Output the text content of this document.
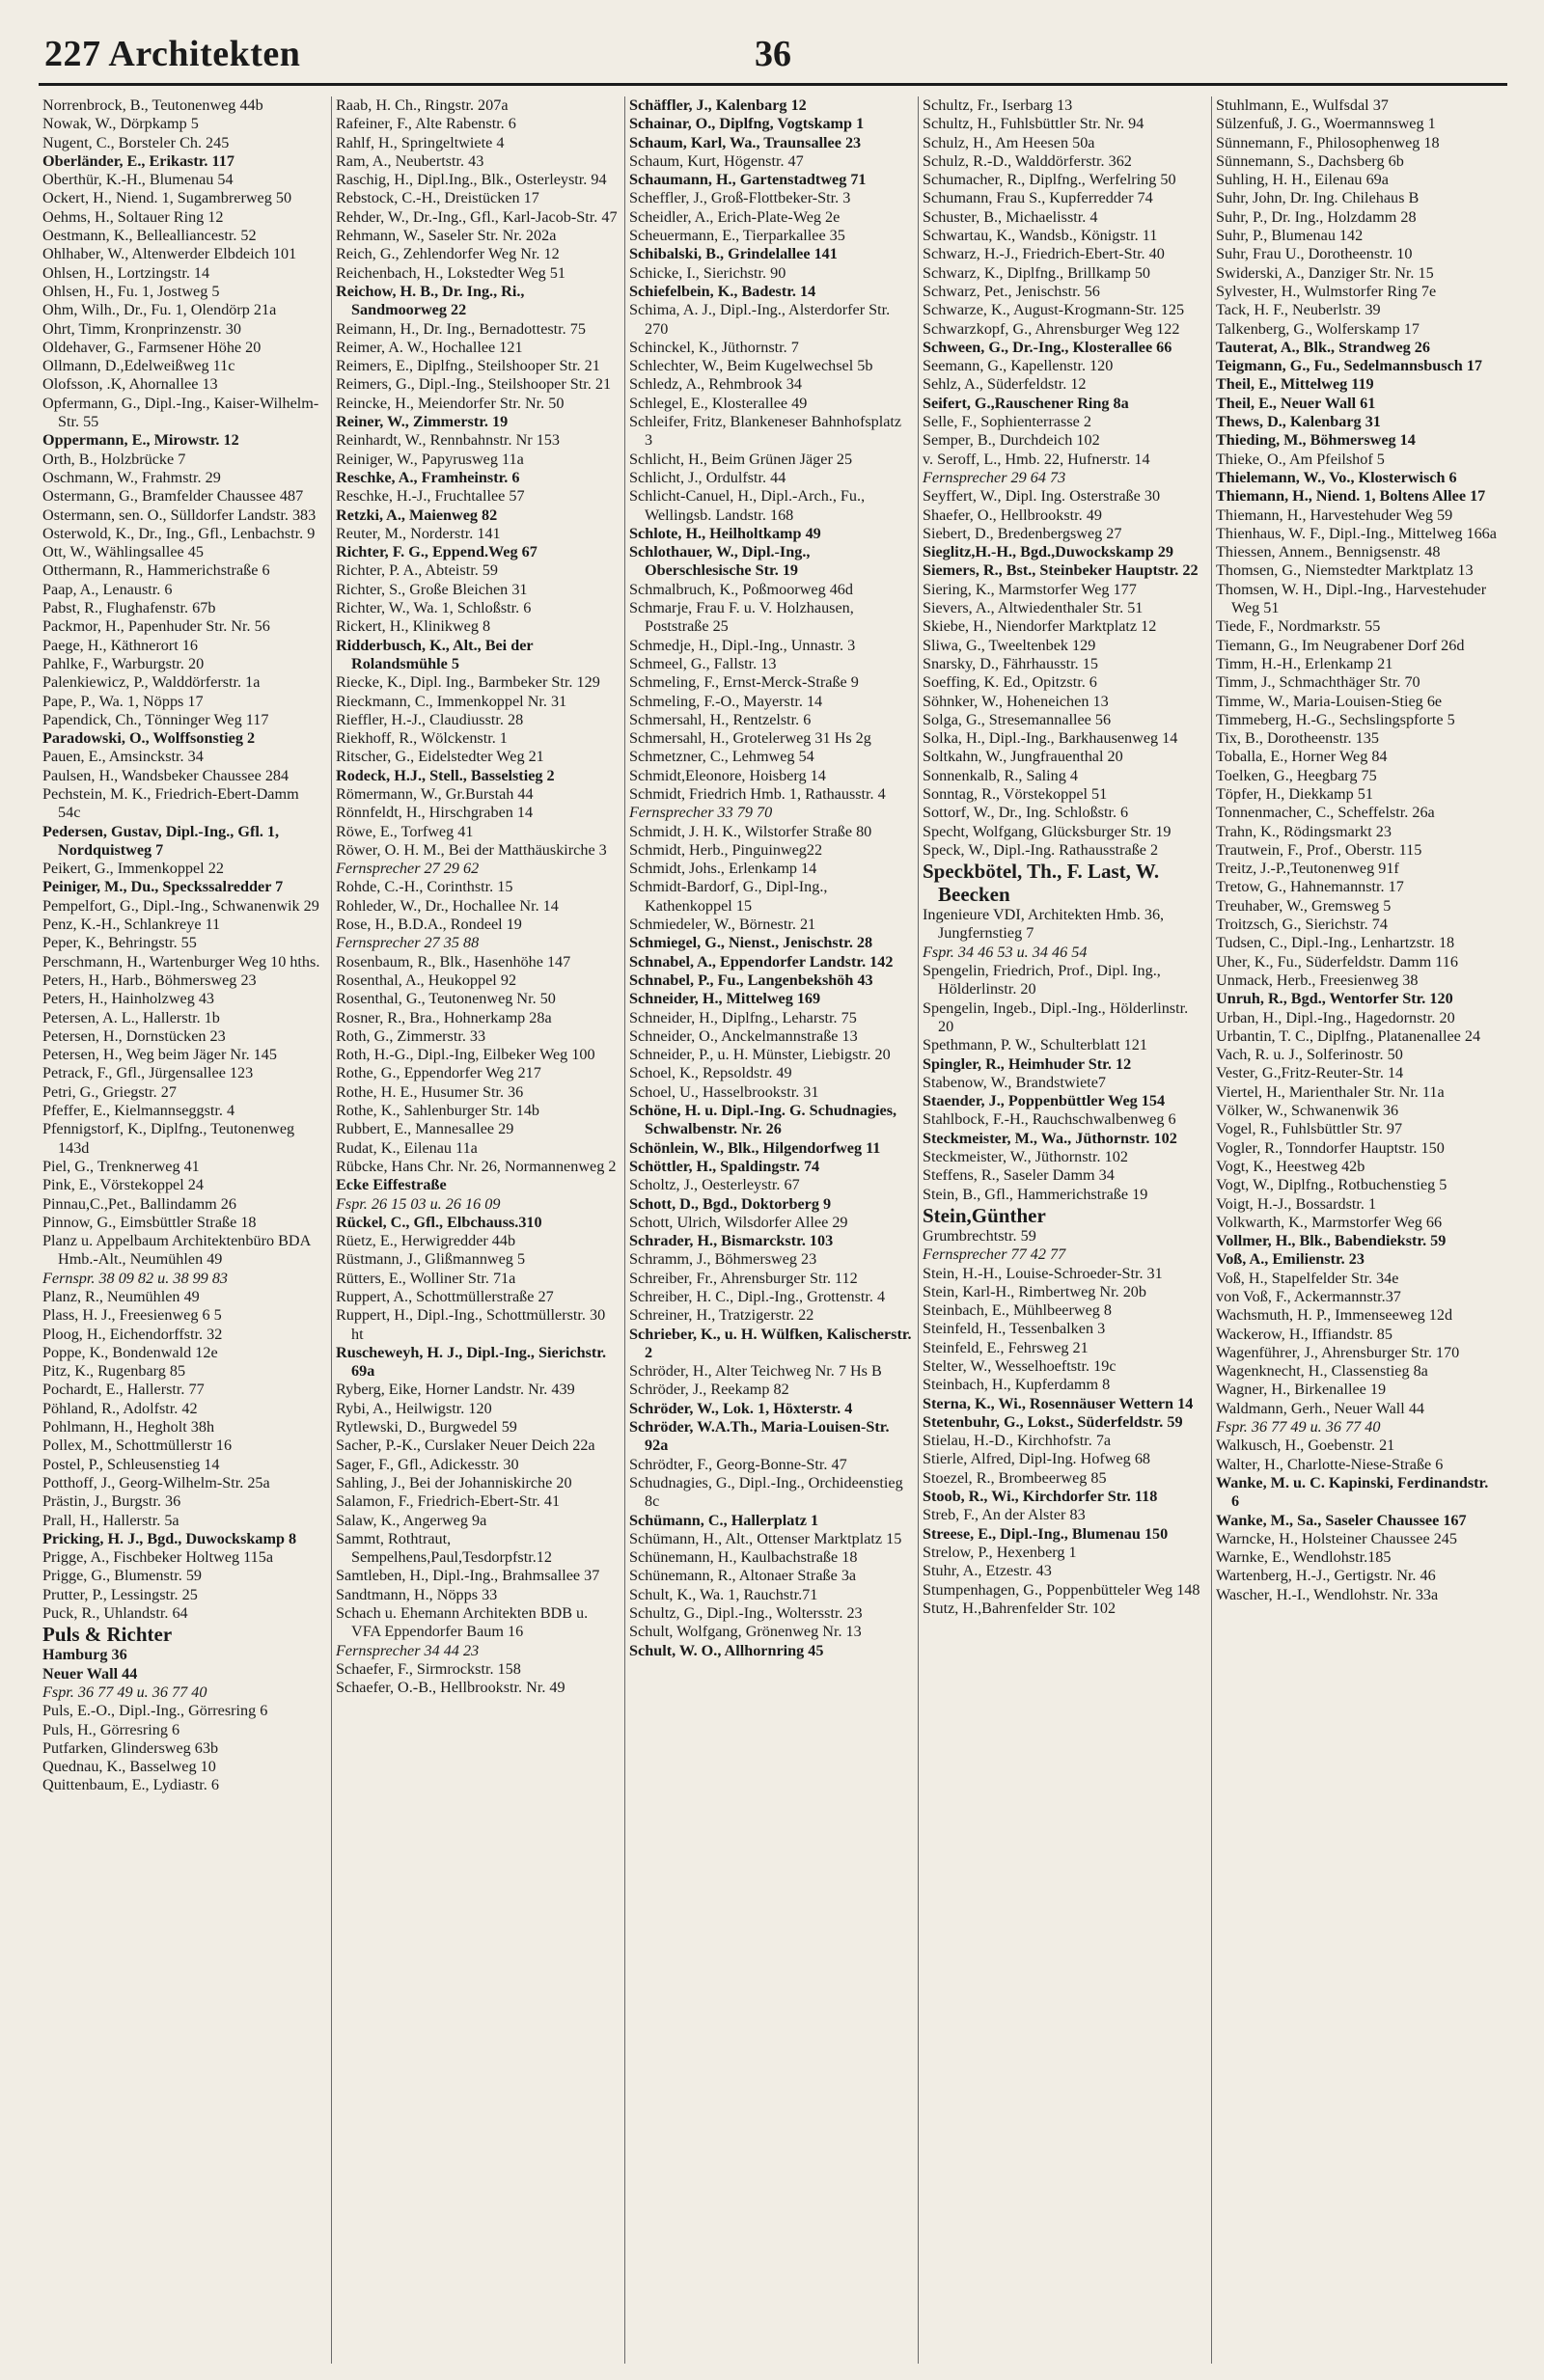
227 Architekten	36

Norrenbrock, B., Teutonenweg 44b

Nowak, W., Dörpkamp 5

Nugent, C., Borsteler Ch. 245

Oberländer, E., Erikastr. 117

Oberthür, K.-H., Blumenau 54

Ockert, H., Niend. 1, Sugambrerweg 50

Oehms, H., Soltauer Ring 12

Oestmann, K., Bellealliancestr. 52

Ohlhaber, W., Altenwerder Elbdeich 101

Ohlsen, H., Lortzingstr. 14

Ohlsen, H., Fu. 1, Jostweg 5

Ohm, Wilh., Dr., Fu. 1, Olendörp 21a

Ohrt, Timm, Kronprinzenstr. 30

Oldehaver, G., Farmsener Höhe 20

Ollmann, D.,Edelweißweg 11c

Olofsson, .K, Ahornallee 13

Opfermann, G., Dipl.-Ing., Kaiser-Wilhelm-Str. 55

Oppermann, E., Mirowstr. 12

Orth, B., Holzbrücke 7

Oschmann, W., Frahmstr. 29

Ostermann, G., Bramfelder Chaussee 487

Ostermann, sen. O., Sülldorfer Landstr. 383

Osterwold, K., Dr., Ing., Gfl., Lenbachstr. 9

Ott, W., Wählingsallee 45

Otthermann, R., Hammerichstraße 6

Paap, A., Lenaustr. 6

Pabst, R., Flughafenstr. 67b

Packmor, H., Papenhuder Str. Nr. 56

Paege, H., Käthnerort 16

Pahlke, F., Warburgstr. 20

Palenkiewicz, P., Walddörferstr. 1a

Pape, P., Wa. 1, Nöpps 17

Papendick, Ch., Tönninger Weg 117

Paradowski, O., Wolffsonstieg 2

Pauen, E., Amsinckstr. 34

Paulsen, H., Wandsbeker Chaussee 284

Pechstein, M. K., Friedrich-Ebert-Damm 54c

Pedersen, Gustav, Dipl.-Ing., Gfl. 1, Nordquistweg 7

Peikert, G., Immenkoppel 22

Peiniger, M., Du., Speckssalredder 7

Pempelfort, G., Dipl.-Ing., Schwanenwik 29

Penz, K.-H., Schlankreye 11

Peper, K., Behringstr. 55

Perschmann, H., Wartenburger Weg 10 hths.

Peters, H., Harb., Böhmersweg 23

Peters, H., Hainholzweg 43

Petersen, A. L., Hallerstr. 1b

Petersen, H., Dornstücken 23

Petersen, H., Weg beim Jäger Nr. 145

Petrack, F., Gfl., Jürgensallee 123

Petri, G., Griegstr. 27

Pfeffer, E., Kielmannseggstr. 4

Pfennigstorf, K., Diplfng., Teutonenweg 143d

Piel, G., Trenknerweg 41

Pink, E., Vörstekoppel 24

Pinnau,C.,Pet., Ballindamm 26

Pinnow, G., Eimsbüttler Straße 18

Planz u. Appelbaum Architektenbüro BDA Hmb.-Alt., Neumühlen 49

Fernspr. 38 09 82 u. 38 99 83

Planz, R., Neumühlen 49

Plass, H. J., Freesienweg 6 5

Ploog, H., Eichendorffstr. 32

Poppe, K., Bondenwald 12e

Pitz, K., Rugenbarg 85

Pochardt, E., Hallerstr. 77

Pöhland, R., Adolfstr. 42

Pohlmann, H., Hegholt 38h

Pollex, M., Schottmüllerstr 16

Postel, P., Schleusenstieg 14

Potthoff, J., Georg-Wilhelm-Str. 25a

Prästin, J., Burgstr. 36

Prall, H., Hallerstr. 5a

Pricking, H. J., Bgd., Duwockskamp 8

Prigge, A., Fischbeker Holtweg 115a

Prigge, G., Blumenstr. 59

Prutter, P., Lessingstr. 25

Puck, R., Uhlandstr. 64

Puls & Richter

Hamburg 36

Neuer Wall 44

Fspr. 36 77 49 u. 36 77 40

Puls, E.-O., Dipl.-Ing., Görresring 6

Puls, H., Görresring 6

Putfarken, Glindersweg 63b

Quednau, K., Basselweg 10

Quittenbaum, E., Lydiastr. 6

Raab, H. Ch., Ringstr. 207a

Rafeiner, F., Alte Rabenstr. 6

Rahlf, H., Springeltwiete 4

Ram, A., Neubertstr. 43

Raschig, H., Dipl.Ing., Blk., Osterleystr. 94

Rebstock, C.-H., Dreistücken 17

Rehder, W., Dr.-Ing., Gfl., Karl-Jacob-Str. 47

Rehmann, W., Saseler Str. Nr. 202a

Reich, G., Zehlendorfer Weg Nr. 12

Reichenbach, H., Lokstedter Weg 51

Reichow, H. B., Dr. Ing., Ri., Sandmoorweg 22

Reimann, H., Dr. Ing., Bernadottestr. 75

Reimer, A. W., Hochallee 121

Reimers, E., Diplfng., Steilshooper Str. 21

Reimers, G., Dipl.-Ing., Steilshooper Str. 21

Reincke, H., Meiendorfer Str. Nr. 50

Reiner, W., Zimmerstr. 19

Reinhardt, W., Rennbahnstr. Nr 153

Reiniger, W., Papyrusweg 11a

Reschke, A., Framheinstr. 6

Reschke, H.-J., Fruchtallee 57

Retzki, A., Maienweg 82

Reuter, M., Norderstr. 141

Richter, F. G., Eppend.Weg 67

Richter, P. A., Abteistr. 59

Richter, S., Große Bleichen 31

Richter, W., Wa. 1, Schloßstr. 6

Rickert, H., Klinikweg 8

Ridderbusch, K., Alt., Bei der Rolandsmühle 5

Riecke, K., Dipl. Ing., Barmbeker Str. 129

Rieckmann, C., Immenkoppel Nr. 31

Rieffler, H.-J., Claudiusstr. 28

Riekhoff, R., Wölckenstr. 1

Ritscher, G., Eidelstedter Weg 21

Rodeck, H.J., Stell., Basselstieg 2

Römermann, W., Gr.Burstah 44

Rönnfeldt, H., Hirschgraben 14

Röwe, E., Torfweg 41

Röwer, O. H. M., Bei der Matthäuskirche 3

Fernsprecher 27 29 62

Rohde, C.-H., Corinthstr. 15

Rohleder, W., Dr., Hochallee Nr. 14

Rose, H., B.D.A., Rondeel 19

Fernsprecher 27 35 88

Rosenbaum, R., Blk., Hasenhöhe 147

Rosenthal, A., Heukoppel 92

Rosenthal, G., Teutonenweg Nr. 50

Rosner, R., Bra., Hohnerkamp 28a

Roth, G., Zimmerstr. 33

Roth, H.-G., Dipl.-Ing, Eilbeker Weg 100

Rothe, G., Eppendorfer Weg 217

Rothe, H. E., Husumer Str. 36

Rothe, K., Sahlenburger Str. 14b

Rubbert, E., Mannesallee 29

Rudat, K., Eilenau 11a

Rübcke, Hans Chr. Nr. 26, Normannenweg 2

Ecke Eiffestraße

Fspr. 26 15 03 u. 26 16 09

Rückel, C., Gfl., Elbchauss.310

Rüetz, E., Herwigredder 44b

Rüstmann, J., Glißmannweg 5

Rütters, E., Wolliner Str. 71a

Ruppert, A., Schottmüllerstraße 27

Ruppert, H., Dipl.-Ing., Schottmüllerstr. 30 ht

Ruscheweyh, H. J., Dipl.-Ing., Sierichstr. 69a

Ryberg, Eike, Horner Landstr. Nr. 439

Rybi, A., Heilwigstr. 120

Rytlewski, D., Burgwedel 59

Sacher, P.-K., Curslaker Neuer Deich 22a

Sager, F., Gfl., Adickesstr. 30

Sahling, J., Bei der Johanniskirche 20

Salamon, F., Friedrich-Ebert-Str. 41

Salaw, K., Angerweg 9a

Sammt, Rothtraut, Sempelhens,Paul,Tesdorpfstr.12

Samtleben, H., Dipl.-Ing., Brahmsallee 37

Sandtmann, H., Nöpps 33

Schach u. Ehemann Architekten BDB u. VFA Eppendorfer Baum 16

Fernsprecher 34 44 23

Schaefer, F., Sirmrockstr. 158

Schaefer, O.-B., Hellbrookstr. Nr. 49

Schäffler, J., Kalenbarg 12

Schainar, O., Diplfng, Vogtskamp 1

Schaum, Karl, Wa., Traunsallee 23

Schaum, Kurt, Högenstr. 47

Schaumann, H., Gartenstadtweg 71

Scheffler, J., Groß-Flottbeker-Str. 3

Scheidler, A., Erich-Plate-Weg 2e

Scheuermann, E., Tierparkallee 35

Schibalski, B., Grindelallee 141

Schicke, I., Sierichstr. 90

Schiefelbein, K., Badestr. 14

Schima, A. J., Dipl.-Ing., Alsterdorfer Str. 270

Schinckel, K., Jüthornstr. 7

Schlechter, W., Beim Kugelwechsel 5b

Schledz, A., Rehmbrook 34

Schlegel, E., Klosterallee 49

Schleifer, Fritz, Blankeneser Bahnhofsplatz 3

Schlicht, H., Beim Grünen Jäger 25

Schlicht, J., Ordulfstr. 44

Schlicht-Canuel, H., Dipl.-Arch., Fu., Wellingsb. Landstr. 168

Schlote, H., Heilholtkamp 49

Schlothauer, W., Dipl.-Ing., Oberschlesische Str. 19

Schmalbruch, K., Poßmoorweg 46d

Schmarje, Frau F. u. V. Holzhausen, Poststraße 25

Schmedje, H., Dipl.-Ing., Unnastr. 3

Schmeel, G., Fallstr. 13

Schmeling, F., Ernst-Merck-Straße 9

Schmeling, F.-O., Mayerstr. 14

Schmersahl, H., Rentzelstr. 6

Schmersahl, H., Grotelerweg 31 Hs 2g

Schmetzner, C., Lehmweg 54

Schmidt,Eleonore, Hoisberg 14

Schmidt, Friedrich Hmb. 1, Rathausstr. 4

Fernsprecher 33 79 70

Schmidt, J. H. K., Wilstorfer Straße 80

Schmidt, Herb., Pinguinweg22

Schmidt, Johs., Erlenkamp 14

Schmidt-Bardorf, G., Dipl-Ing., Kathenkoppel 15

Schmiedeler, W., Börnestr. 21

Schmiegel, G., Nienst., Jenischstr. 28

Schnabel, A., Eppendorfer Landstr. 142

Schnabel, P., Fu., Langenbekshöh 43

Schneider, H., Mittelweg 169

Schneider, H., Diplfng., Leharstr. 75

Schneider, O., Anckelmannstraße 13

Schneider, P., u. H. Münster, Liebigstr. 20

Schoel, K., Repsoldstr. 49

Schoel, U., Hasselbrookstr. 31

Schöne, H. u. Dipl.-Ing. G. Schudnagies, Schwalbenstr. Nr. 26

Schönlein, W., Blk., Hilgendorfweg 11

Schöttler, H., Spaldingstr. 74

Scholtz, J., Oesterleystr. 67

Schott, D., Bgd., Doktorberg 9

Schott, Ulrich, Wilsdorfer Allee 29

Schrader, H., Bismarckstr. 103

Schramm, J., Böhmersweg 23

Schreiber, Fr., Ahrensburger Str. 112

Schreiber, H. C., Dipl.-Ing., Grottenstr. 4

Schreiner, H., Tratzigerstr. 22

Schrieber, K., u. H. Wülfken, Kalischerstr. 2

Schröder, H., Alter Teichweg Nr. 7 Hs B

Schröder, J., Reekamp 82

Schröder, W., Lok. 1, Höxterstr. 4

Schröder, W.A.Th., Maria-Louisen-Str. 92a

Schrödter, F., Georg-Bonne-Str. 47

Schudnagies, G., Dipl.-Ing., Orchideenstieg 8c

Schümann, C., Hallerplatz 1

Schümann, H., Alt., Ottenser Marktplatz 15

Schünemann, H., Kaulbachstraße 18

Schünemann, R., Altonaer Straße 3a

Schult, K., Wa. 1, Rauchstr.71

Schultz, G., Dipl.-Ing., Woltersstr. 23

Schult, Wolfgang, Grönenweg Nr. 13

Schult, W. O., Allhornring 45

Schultz, Fr., Iserbarg 13

Schultz, H., Fuhlsbüttler Str. Nr. 94

Schulz, H., Am Heesen 50a

Schulz, R.-D., Walddörferstr. 362

Schumacher, R., Diplfng., Werfelring 50

Schumann, Frau S., Kupferredder 74

Schuster, B., Michaelisstr. 4

Schwartau, K., Wandsb., Königstr. 11

Schwarz, H.-J., Friedrich-Ebert-Str. 40

Schwarz, K., Diplfng., Brillkamp 50

Schwarz, Pet., Jenischstr. 56

Schwarze, K., August-Krogmann-Str. 125

Schwarzkopf, G., Ahrensburger Weg 122

Schween, G., Dr.-Ing., Klosterallee 66

Seemann, G., Kapellenstr. 120

Sehlz, A., Süderfeldstr. 12

Seifert, G.,Rauschener Ring 8a

Selle, F., Sophienterrasse 2

Semper, B., Durchdeich 102

v. Seroff, L., Hmb. 22, Hufnerstr. 14

Fernsprecher 29 64 73

Seyffert, W., Dipl. Ing. Osterstraße 30

Shaefer, O., Hellbrookstr. 49

Siebert, D., Bredenbergsweg 27

Sieglitz,H.-H., Bgd.,Duwockskamp 29

Siemers, R., Bst., Steinbeker Hauptstr. 22

Siering, K., Marmstorfer Weg 177

Sievers, A., Altwiedenthaler Str. 51

Skiebe, H., Niendorfer Marktplatz 12

Sliwa, G., Tweeltenbek 129

Snarsky, D., Fährhausstr. 15

Soeffing, K. Ed., Opitzstr. 6

Söhnker, W., Hoheneichen 13

Solga, G., Stresemannallee 56

Solka, H., Dipl.-Ing., Barkhausenweg 14

Soltkahn, W., Jungfrauenthal 20

Sonnenkalb, R., Saling 4

Sonntag, R., Vörstekoppel 51

Sottorf, W., Dr., Ing. Schloßstr. 6

Specht, Wolfgang, Glücksburger Str. 19

Speck, W., Dipl.-Ing. Rathausstraße 2

Speckbötel, Th., F. Last, W. Beecken

Ingenieure VDI, Architekten Hmb. 36, Jungfernstieg 7

Fspr. 34 46 53 u. 34 46 54

Spengelin, Friedrich, Prof., Dipl. Ing., Hölderlinstr. 20

Spengelin, Ingeb., Dipl.-Ing., Hölderlinstr. 20

Spethmann, P. W., Schulterblatt 121

Spingler, R., Heimhuder Str. 12

Stabenow, W., Brandstwiete7

Staender, J., Poppenbüttler Weg 154

Stahlbock, F.-H., Rauchschwalbenweg 6

Steckmeister, M., Wa., Jüthornstr. 102

Steckmeister, W., Jüthornstr. 102

Steffens, R., Saseler Damm 34

Stein, B., Gfl., Hammerichstraße 19

Stein,Günther

Grumbrechtstr. 59

Fernsprecher 77 42 77

Stein, H.-H., Louise-Schroeder-Str. 31

Stein, Karl-H., Rimbertweg Nr. 20b

Steinbach, E., Mühlbeerweg 8

Steinfeld, H., Tessenbalken 3

Steinfeld, E., Fehrsweg 21

Stelter, W., Wesselhoeftstr. 19c

Steinbach, H., Kupferdamm 8

Sterna, K., Wi., Rosennäuser Wettern 14

Stetenbuhr, G., Lokst., Süderfeldstr. 59

Stielau, H.-D., Kirchhofstr. 7a

Stierle, Alfred, Dipl-Ing. Hofweg 68

Stoezel, R., Brombeerweg 85

Stoob, R., Wi., Kirchdorfer Str. 118

Streb, F., An der Alster 83

Streese, E., Dipl.-Ing., Blumenau 150

Strelow, P., Hexenberg 1

Stuhr, A., Etzestr. 43

Stumpenhagen, G., Poppenbütteler Weg 148

Stutz, H.,Bahrenfelder Str. 102

Stuhlmann, E., Wulfsdal 37

Sülzenfuß, J. G., Woermannsweg 1

Sünnemann, F., Philosophenweg 18

Sünnemann, S., Dachsberg 6b

Suhling, H. H., Eilenau 69a

Suhr, John, Dr. Ing. Chilehaus B

Suhr, P., Dr. Ing., Holzdamm 28

Suhr, P., Blumenau 142

Suhr, Frau U., Dorotheenstr. 10

Swiderski, A., Danziger Str. Nr. 15

Sylvester, H., Wulmstorfer Ring 7e

Tack, H. F., Neuberlstr. 39

Talkenberg, G., Wolferskamp 17

Tauterat, A., Blk., Strandweg 26

Teigmann, G., Fu., Sedelmannsbusch 17

Theil, E., Mittelweg 119

Theil, E., Neuer Wall 61

Thews, D., Kalenbarg 31

Thieding, M., Böhmersweg 14

Thieke, O., Am Pfeilshof 5

Thielemann, W., Vo., Klosterwisch 6

Thiemann, H., Niend. 1, Boltens Allee 17

Thiemann, H., Harvestehuder Weg 59

Thienhaus, W. F., Dipl.-Ing., Mittelweg 166a

Thiessen, Annem., Bennigsenstr. 48

Thomsen, G., Niemstedter Marktplatz 13

Thomsen, W. H., Dipl.-Ing., Harvestehuder Weg 51

Tiede, F., Nordmarkstr. 55

Tiemann, G., Im Neugrabener Dorf 26d

Timm, H.-H., Erlenkamp 21

Timm, J., Schmachthäger Str. 70

Timme, W., Maria-Louisen-Stieg 6e

Timmeberg, H.-G., Sechslingspforte 5

Tix, B., Dorotheenstr. 135

Toballa, E., Horner Weg 84

Toelken, G., Heegbarg 75

Töpfer, H., Diekkamp 51

Tonnenmacher, C., Scheffelstr. 26a

Trahn, K., Rödingsmarkt 23

Trautwein, F., Prof., Oberstr. 115

Treitz, J.-P.,Teutonenweg 91f

Tretow, G., Hahnemannstr. 17

Treuhaber, W., Gremsweg 5

Troitzsch, G., Sierichstr. 74

Tudsen, C., Dipl.-Ing., Lenhartzstr. 18

Uher, K., Fu., Süderfeldstr. Damm 116

Unmack, Herb., Freesienweg 38

Unruh, R., Bgd., Wentorfer Str. 120

Urban, H., Dipl.-Ing., Hagedornstr. 20

Urbantin, T. C., Diplfng., Platanenallee 24

Vach, R. u. J., Solferinostr. 50

Vester, G.,Fritz-Reuter-Str. 14

Viertel, H., Marienthaler Str. Nr. 11a

Völker, W., Schwanenwik 36

Vogel, R., Fuhlsbüttler Str. 97

Vogler, R., Tonndorfer Hauptstr. 150

Vogt, K., Heestweg 42b

Vogt, W., Diplfng., Rotbuchenstieg 5

Voigt, H.-J., Bossardstr. 1

Volkwarth, K., Marmstorfer Weg 66

Vollmer, H., Blk., Babendiekstr. 59

Voß, A., Emilienstr. 23

Voß, H., Stapelfelder Str. 34e

von Voß, F., Ackermannstr.37

Wachsmuth, H. P., Immenseeweg 12d

Wackerow, H., Iffiandstr. 85

Wagenführer, J., Ahrensburger Str. 170

Wagenknecht, H., Classenstieg 8a

Wagner, H., Birkenallee 19

Waldmann, Gerh., Neuer Wall 44

Fspr. 36 77 49 u. 36 77 40

Walkusch, H., Goebenstr. 21

Walter, H., Charlotte-Niese-Straße 6

Wanke, M. u. C. Kapinski, Ferdinandstr. 6

Wanke, M., Sa., Saseler Chaussee 167

Warncke, H., Holsteiner Chaussee 245

Warnke, E., Wendlohstr.185

Wartenberg, H.-J., Gertigstr. Nr. 46

Wascher, H.-I., Wendlohstr. Nr. 33a
